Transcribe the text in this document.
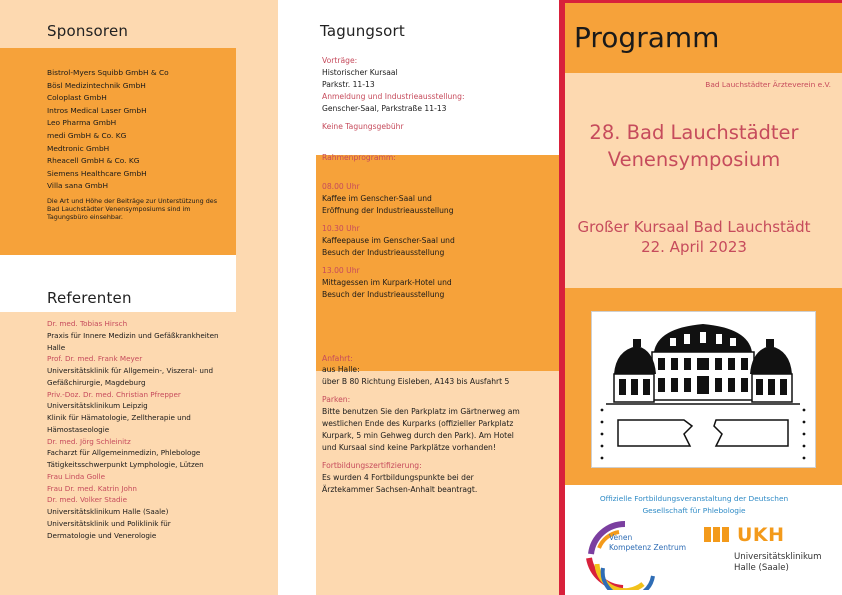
Sponsoren
Bistrol-Myers Squibb GmbH & Co
Bösl Medizintechnik GmbH
Coloplast GmbH
Intros Medical Laser GmbH
Leo Pharma GmbH
medi GmbH & Co. KG
Medtronic GmbH
Rheacell GmbH & Co. KG
Siemens Healthcare GmbH
Villa sana GmbH
Die Art und Höhe der Beiträge zur Unterstützung des Bad Lauchstädter Venensymposiums sind im Tagungsbüro einsehbar.
Referenten
Dr. med. Tobias Hirsch
Praxis für Innere Medizin und Gefäßkrankheiten
Halle
Prof. Dr. med. Frank Meyer
Universitätsklinik für Allgemein-, Viszeral- und
Gefäßchirurgie, Magdeburg
Priv.-Doz. Dr. med. Christian Pfrepper
Universitätsklinikum Leipzig
Klinik für Hämatologie, Zelltherapie und
Hämostaseologie
Dr. med. Jörg Schleinitz
Facharzt für Allgemeinmedizin, Phlebologe
Tätigkeitsschwerpunkt Lymphologie, Lützen
Frau Linda Golle
Frau Dr. med. Katrin John
Dr. med. Volker Stadie
Universitätsklinikum Halle (Saale)
Universitätsklinik und Poliklinik für
Dermatologie und Venerologie
Tagungsort
Vorträge:
Historischer Kursaal
Parkstr. 11-13
Anmeldung und Industrieausstellung:
Genscher-Saal, Parkstraße 11-13
Keine Tagungsgebühr
Rahmenprogramm:
08.00 Uhr
Kaffee im Genscher-Saal und
Eröffnung der Industrieausstellung
10.30 Uhr
Kaffeepause im Genscher-Saal und
Besuch der Industrieausstellung
13.00 Uhr
Mittagessen im Kurpark-Hotel und
Besuch der Industrieausstellung
Anfahrt:
aus Halle:
über B 80 Richtung Eisleben, A143 bis Ausfahrt 5
Parken:
Bitte benutzen Sie den Parkplatz im Gärtnerweg am
westlichen Ende des Kurparks (offizieller Parkplatz
Kurpark, 5 min Gehweg durch den Park). Am Hotel
und Kursaal sind keine Parkplätze vorhanden!
Fortbildungszertifizierung:
Es wurden 4 Fortbildungspunkte bei der
Ärztekammer Sachsen-Anhalt beantragt.
Programm
Bad Lauchstädter Ärzteverein e.V.
28. Bad Lauchstädter
Venensymposium
Großer Kursaal Bad Lauchstädt
22. April 2023
Offizielle Fortbildungsveranstaltung der Deutschen
Gesellschaft für Phlebologie
Venen
Kompetenz Zentrum
UKH
Universitätsklinikum
Halle (Saale)
